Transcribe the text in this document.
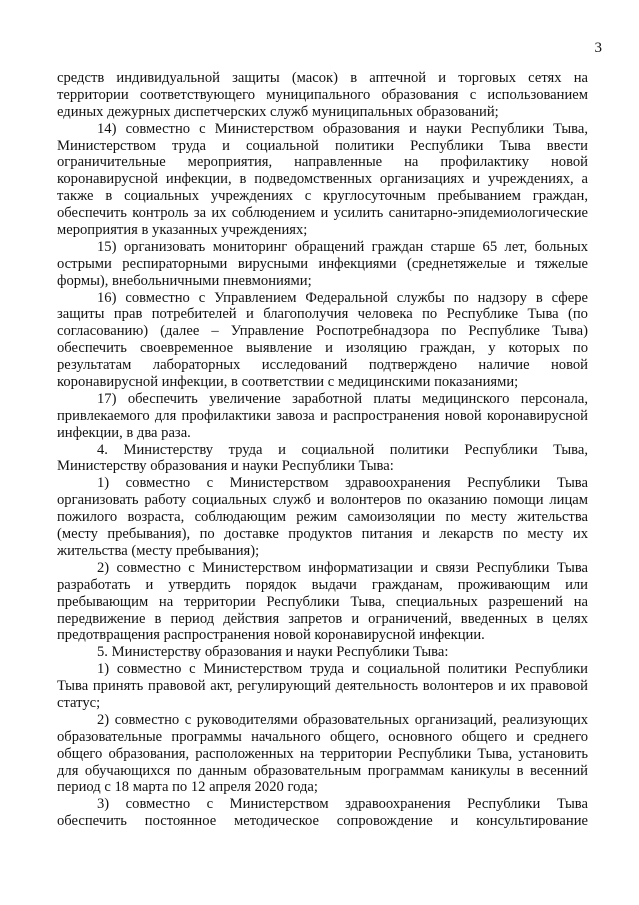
3
средств индивидуальной защиты (масок) в аптечной и торговых сетях на
территории соответствующего муниципального образования с использованием
единых дежурных диспетчерских служб муниципальных образований;
14) совместно с Министерством образования и науки Республики Тыва,
Министерством труда и социальной политики Республики Тыва ввести
ограничительные мероприятия, направленные на профилактику новой
коронавирусной инфекции, в подведомственных организациях и учреждениях, а
также в социальных учреждениях с круглосуточным пребыванием граждан,
обеспечить контроль за их соблюдением и усилить санитарно-эпидемиологические
мероприятия в указанных учреждениях;
15) организовать мониторинг обращений граждан старше 65 лет, больных
острыми респираторными вирусными инфекциями (среднетяжелые и тяжелые
формы), внебольничными пневмониями;
16) совместно с Управлением Федеральной службы по надзору в сфере
защиты прав потребителей и благополучия человека по Республике Тыва (по
согласованию) (далее – Управление Роспотребнадзора по Республике Тыва)
обеспечить своевременное выявление и изоляцию граждан, у которых по
результатам лабораторных исследований подтверждено наличие новой
коронавирусной инфекции, в соответствии с медицинскими показаниями;
17) обеспечить увеличение заработной платы медицинского персонала,
привлекаемого для профилактики завоза и распространения новой коронавирусной
инфекции, в два раза.
4. Министерству труда и социальной политики Республики Тыва,
Министерству образования и науки Республики Тыва:
1) совместно с Министерством здравоохранения Республики Тыва
организовать работу социальных служб и волонтеров по оказанию помощи лицам
пожилого возраста, соблюдающим режим самоизоляции по месту жительства
(месту пребывания), по доставке продуктов питания и лекарств по месту их
жительства (месту пребывания);
2) совместно с Министерством информатизации и связи Республики Тыва
разработать и утвердить порядок выдачи гражданам, проживающим или
пребывающим на территории Республики Тыва, специальных разрешений на
передвижение в период действия запретов и ограничений, введенных в целях
предотвращения распространения новой коронавирусной инфекции.
5. Министерству образования и науки Республики Тыва:
1) совместно с Министерством труда и социальной политики Республики
Тыва принять правовой акт, регулирующий деятельность волонтеров и их правовой
статус;
2) совместно с руководителями образовательных организаций, реализующих
образовательные программы начального общего, основного общего и среднего
общего образования, расположенных на территории Республики Тыва, установить
для обучающихся по данным образовательным программам каникулы в весенний
период с 18 марта по 12 апреля 2020 года;
3) совместно с Министерством здравоохранения Республики Тыва
обеспечить постоянное методическое сопровождение и консультирование
